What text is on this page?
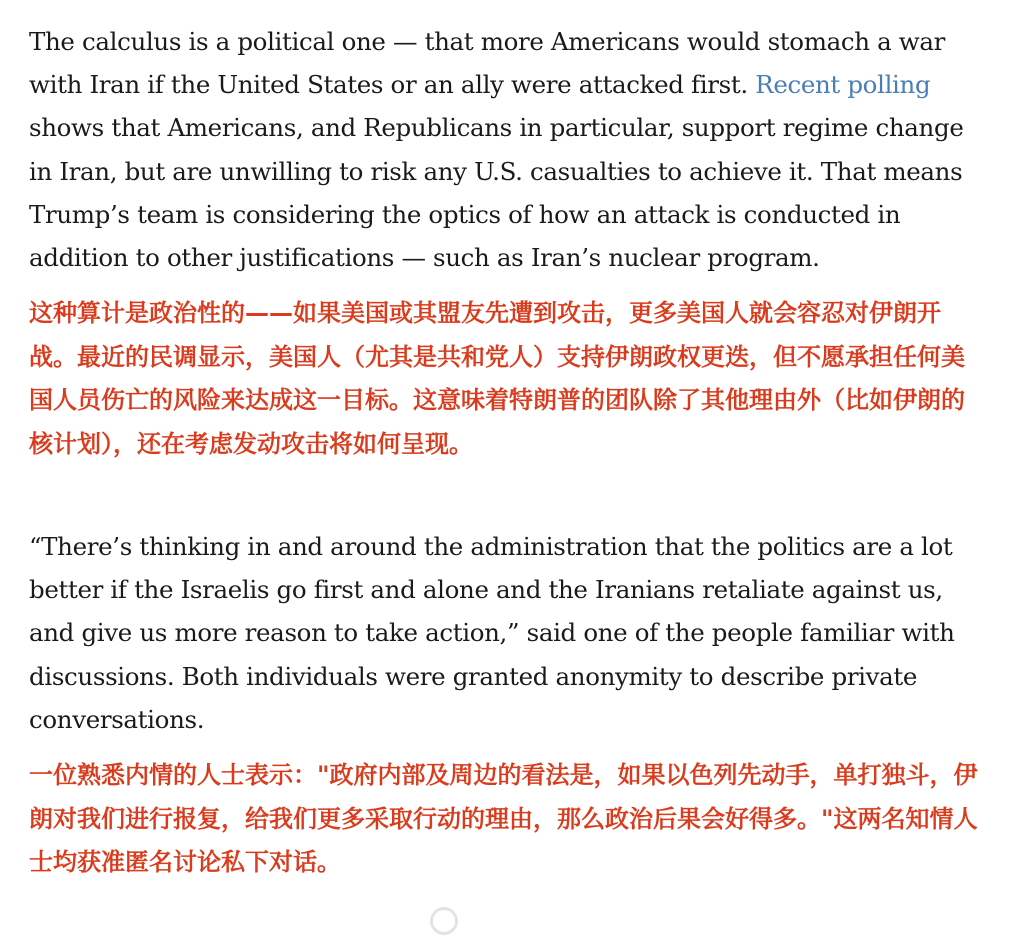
The calculus is a political one — that more Americans would stomach a war with Iran if the United States or an ally were attacked first. Recent polling shows that Americans, and Republicans in particular, support regime change in Iran, but are unwilling to risk any U.S. casualties to achieve it. That means Trump’s team is considering the optics of how an attack is conducted in addition to other justifications — such as Iran’s nuclear program.

这种算计是政治性的——如果美国或其盟友先遭到攻击，更多美国人就会容忍对伊朗开战。最近的民调显示，美国人（尤其是共和党人）支持伊朗政权更迭，但不愿承担任何美国人员伤亡的风险来达成这一目标。这意味着特朗普的团队除了其他理由外（比如伊朗的核计划），还在考虑发动攻击将如何呈现。

“There’s thinking in and around the administration that the politics are a lot better if the Israelis go first and alone and the Iranians retaliate against us, and give us more reason to take action,” said one of the people familiar with discussions. Both individuals were granted anonymity to describe private conversations.

一位熟悉内情的人士表示："政府内部及周边的看法是，如果以色列先动手，单打独斗，伊朗对我们进行报复，给我们更多采取行动的理由，那么政治后果会好得多。"这两名知情人士均获准匿名讨论私下对话。
